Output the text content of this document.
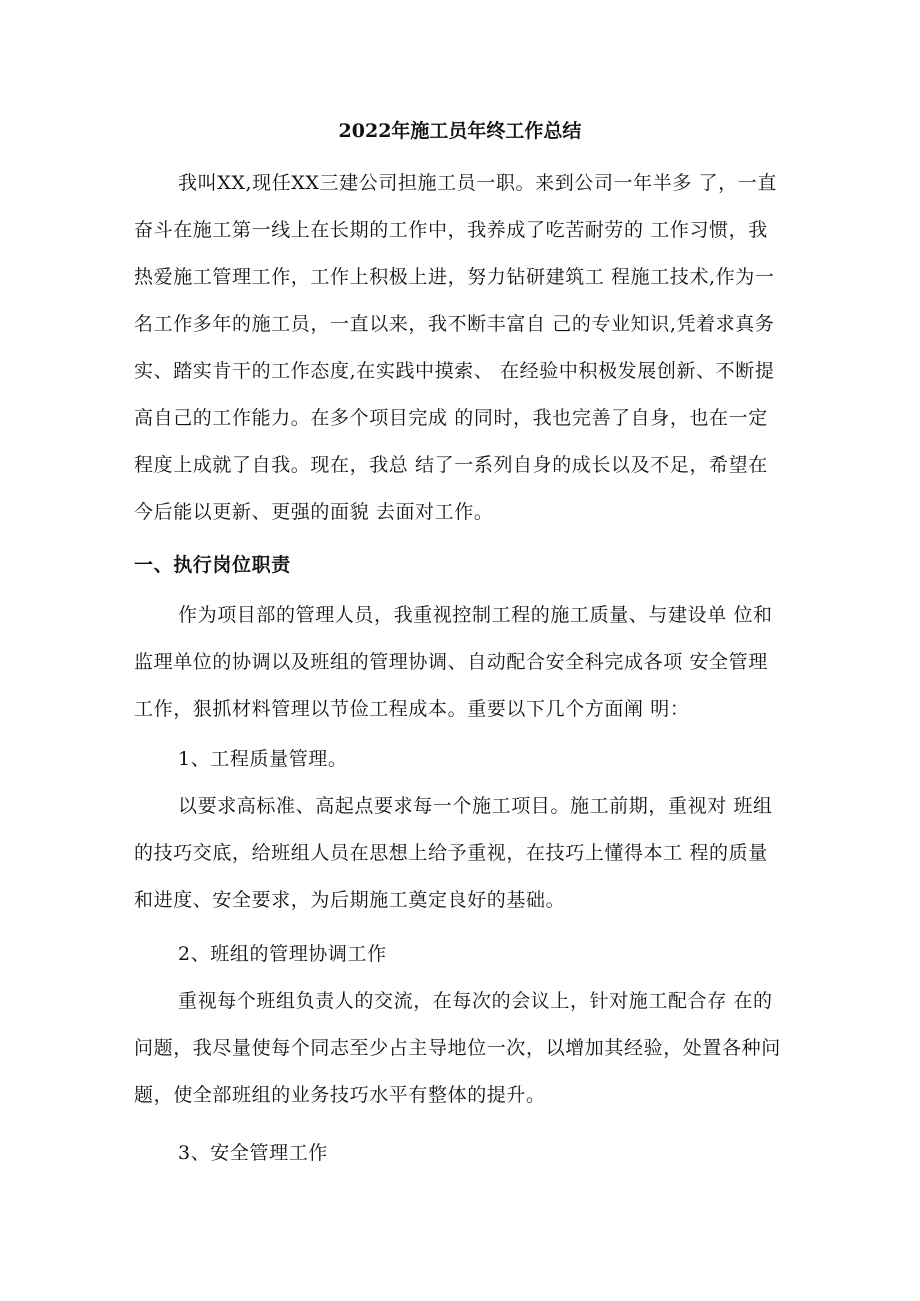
2022年施工员年终工作总结
我叫XX,现任XX三建公司担施工员一职。来到公司一年半多 了，一直
奋斗在施工第一线上在长期的工作中，我养成了吃苦耐劳的 工作习惯，我
热爱施工管理工作，工作上积极上进，努力钻研建筑工 程施工技术,作为一
名工作多年的施工员，一直以来，我不断丰富自 己的专业知识,凭着求真务
实、踏实肯干的工作态度,在实践中摸索、 在经验中积极发展创新、不断提
高自己的工作能力。在多个项目完成 的同时，我也完善了自身，也在一定
程度上成就了自我。现在，我总 结了一系列自身的成长以及不足，希望在
今后能以更新、更强的面貌 去面对工作。
一、执行岗位职责
作为项目部的管理人员，我重视控制工程的施工质量、与建设单 位和
监理单位的协调以及班组的管理协调、自动配合安全科完成各项 安全管理
工作，狠抓材料管理以节俭工程成本。重要以下几个方面阐 明：
1、工程质量管理。
以要求高标准、高起点要求每一个施工项目。施工前期，重视对 班组
的技巧交底，给班组人员在思想上给予重视，在技巧上懂得本工 程的质量
和进度、安全要求，为后期施工奠定良好的基础。
2、班组的管理协调工作
重视每个班组负责人的交流，在每次的会议上，针对施工配合存 在的
问题，我尽量使每个同志至少占主导地位一次，以增加其经验，处置各种问
题，使全部班组的业务技巧水平有整体的提升。
3、安全管理工作
